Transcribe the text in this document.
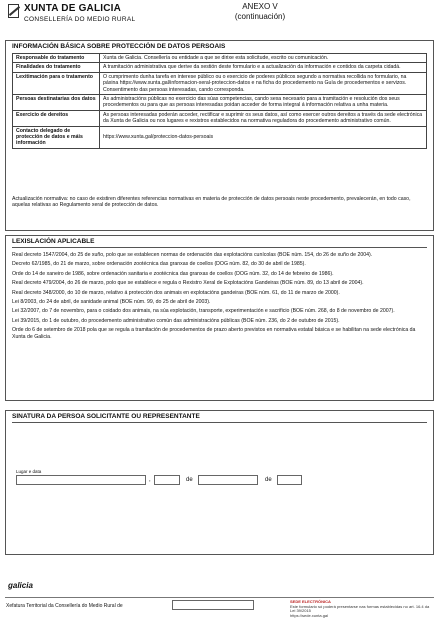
XUNTA DE GALICIA
CONSELLERÍA DO MEDIO RURAL
ANEXO V
(continuación)
INFORMACIÓN BÁSICA SOBRE PROTECCIÓN DE DATOS PERSOAIS
Responsable do tratamento	Xunta de Galicia. Consellería ou entidade a que se dirixe esta solicitude, escrito ou comunicación.
Finalidades do tratamento	A tramitación administrativa que derive da xestión deste formulario e a actualización da información e contidos da carpeta cidadá.
Lexitimación para o tratamento	O cumprimento dunha tarefa en interese público ou o exercicio de poderes públicos segundo a normativa recollida no formulario, na páxina https://www.xunta.gal/informacion-xeral-proteccion-datos e na ficha do procedemento na Guía de procedementos e servizos. Consentimento das persoas interesadas, cando corresponda.
Persoas destinatarias dos datos	As administracións públicas no exercicio das súas competencias, cando sexa necesario para a tramitación e resolución dos seus procedementos ou para que as persoas interesadas poidan acceder de forma integral á información relativa a unha materia.
Exercicio de dereitos	As persoas interesadas poderán acceder, rectificar e suprimir os seus datos, así como exercer outros dereitos a través da sede electrónica da Xunta de Galicia ou nos lugares e rexistros establecidos na normativa reguladora do procedemento administrativo común.
Contacto delegado de protección de datos e máis información	https://www.xunta.gal/proteccion-datos-persoais
Actualización normativa: no caso de existiren diferentes referencias normativas en materia de protección de datos persoais neste procedemento, prevalecerán, en todo caso, aquelas relativas ao Regulamento xeral de protección de datos.
LEXISLACIÓN APLICABLE
Real decreto 1547/2004, do 25 de xuño, polo que se establecen normas de ordenación das explotacións cunícolas (BOE núm. 154, do 26 de xuño de 2004).
Decreto 62/1985, do 21 de marzo, sobre ordenación zootécnica das granxas de coellos (DOG núm. 82, do 30 de abril de 1985).
Orde do 14 de xaneiro de 1986, sobre ordenación sanitaria e zootécnica das granxas de coellos (DOG núm. 32, do 14 de febreiro de 1986).
Real decreto 479/2004, do 26 de marzo, polo que se establece e regula o Rexistro Xeral de Explotacións Gandeiras (BOE núm. 89, do 13 abril de 2004).
Real decreto 348/2000, do 10 de marzo, relativo á protección dos animais en explotacións gandeiras (BOE núm. 61, do 11 de marzo de 2000).
Lei 8/2003, do 24 de abril, de sanidade animal (BOE núm. 99, do 25 de abril de 2003).
Lei 32/2007, do 7 de novembro, para o coidado dos animais, na súa explotación, transporte, experimentación e sacrificio (BOE núm. 268, do 8 de novembro de 2007).
Lei 39/2015, do 1 de outubro, do procedemento administrativo común das administracións públicas (BOE núm. 236, do 2 de outubro de 2015).
Orde do 6 de setembro de 2018 pola que se regula a tramitación de procedementos de prazo aberto previstos en normativa estatal básica e se habilitan na sede electrónica da Xunta de Galicia.
SINATURA DA PERSOA SOLICITANTE OU REPRESENTANTE
Lugar e data
,	de	de
galicia
Xefatura Territorial da Consellería do Medio Rural de
SEDE ELECTRÓNICA
Este formulario só poderá presentarse nas formas establecidas no art. 16.4 da Lei 39/2015
https://sede.xunta.gal
